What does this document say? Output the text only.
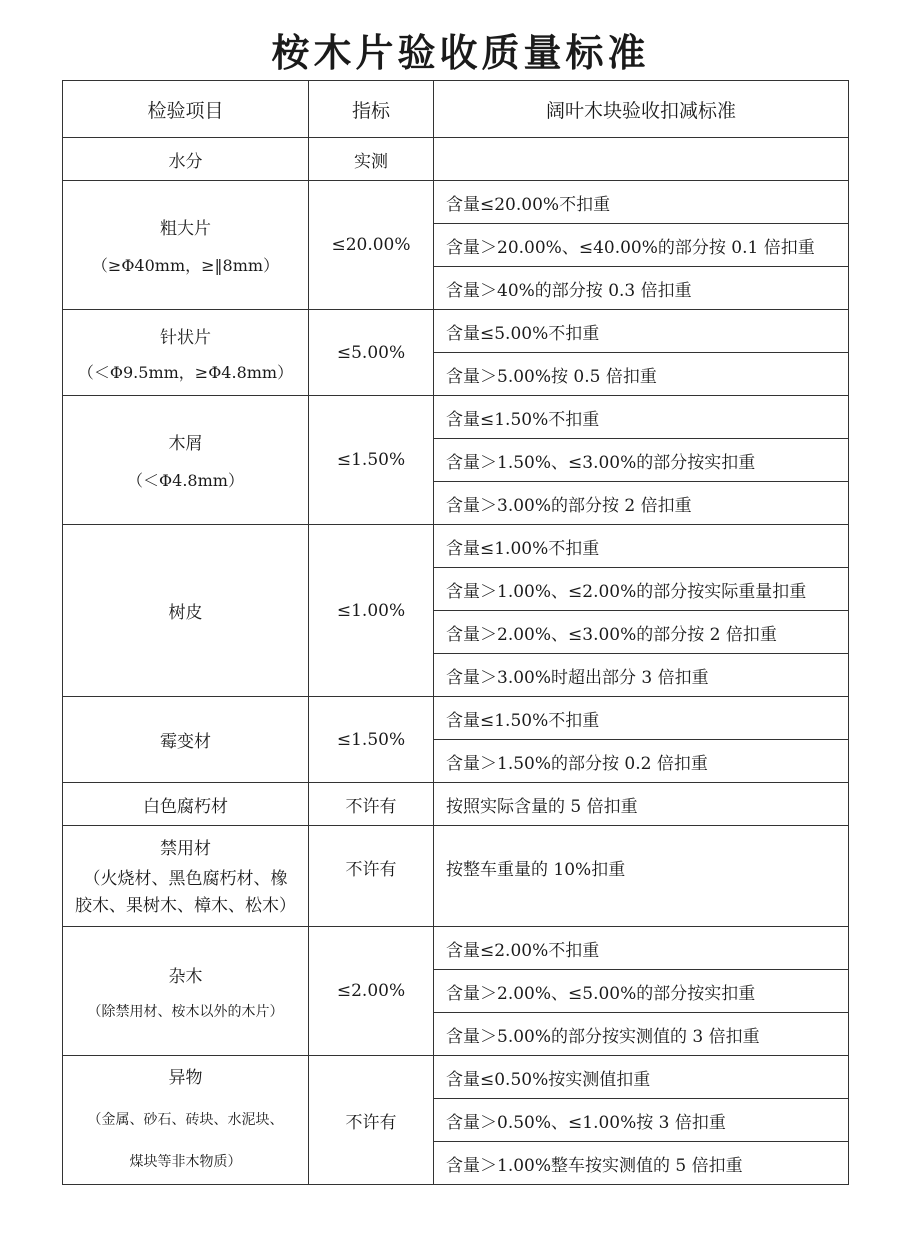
桉木片验收质量标准
检验项目	指标	阔叶木块验收扣减标准
水分	实测	

粗大片
（≥Φ40mm，≥‖8mm）	≤20.00%	含量≤20.00%不扣重
		含量＞20.00%、≤40.00%的部分按 0.1 倍扣重
		含量＞40%的部分按 0.3 倍扣重

针状片
（＜Φ9.5mm，≥Φ4.8mm）	≤5.00%	含量≤5.00%不扣重
		含量＞5.00%按 0.5 倍扣重

木屑
（＜Φ4.8mm）	≤1.50%	含量≤1.50%不扣重
		含量＞1.50%、≤3.00%的部分按实扣重
		含量＞3.00%的部分按 2 倍扣重
树皮	≤1.00%	含量≤1.00%不扣重
		含量＞1.00%、≤2.00%的部分按实际重量扣重
		含量＞2.00%、≤3.00%的部分按 2 倍扣重
		含量＞3.00%时超出部分 3 倍扣重
霉变材	≤1.50%	含量≤1.50%不扣重
		含量＞1.50%的部分按 0.2 倍扣重
白色腐朽材	不许有	按照实际含量的 5 倍扣重

禁用材
（火烧材、黑色腐朽材、橡
胶木、果树木、樟木、松木）	不许有	按整车重量的 10%扣重

杂木
（除禁用材、桉木以外的木片）	≤2.00%	含量≤2.00%不扣重
		含量＞2.00%、≤5.00%的部分按实扣重
		含量＞5.00%的部分按实测值的 3 倍扣重

异物
（金属、砂石、砖块、水泥块、
煤块等非木物质）	不许有	含量≤0.50%按实测值扣重
		含量＞0.50%、≤1.00%按 3 倍扣重
		含量＞1.00%整车按实测值的 5 倍扣重
